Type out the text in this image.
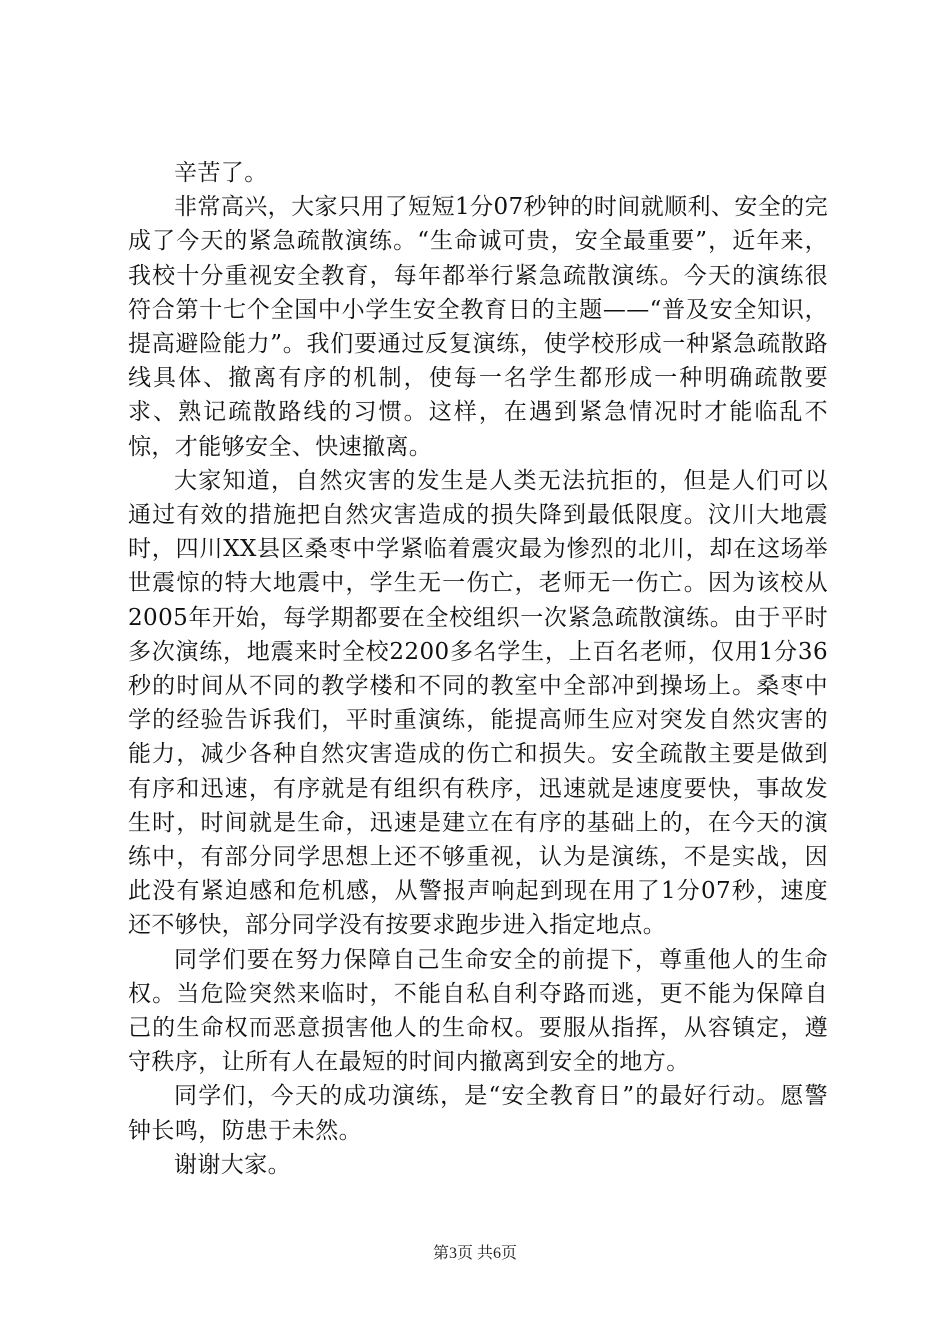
辛苦了。

非常高兴，大家只用了短短1分07秒钟的时间就顺利、安全的完成了今天的紧急疏散演练。“生命诚可贵，安全最重要”，近年来，我校十分重视安全教育，每年都举行紧急疏散演练。今天的演练很符合第十七个全国中小学生安全教育日的主题——“普及安全知识，提高避险能力”。我们要通过反复演练，使学校形成一种紧急疏散路线具体、撤离有序的机制，使每一名学生都形成一种明确疏散要求、熟记疏散路线的习惯。这样，在遇到紧急情况时才能临乱不惊，才能够安全、快速撤离。

大家知道，自然灾害的发生是人类无法抗拒的，但是人们可以通过有效的措施把自然灾害造成的损失降到最低限度。汶川大地震时，四川XX县区桑枣中学紧临着震灾最为惨烈的北川，却在这场举世震惊的特大地震中，学生无一伤亡，老师无一伤亡。因为该校从2005年开始，每学期都要在全校组织一次紧急疏散演练。由于平时多次演练，地震来时全校2200多名学生，上百名老师，仅用1分36秒的时间从不同的教学楼和不同的教室中全部冲到操场上。桑枣中学的经验告诉我们，平时重演练，能提高师生应对突发自然灾害的能力，减少各种自然灾害造成的伤亡和损失。安全疏散主要是做到有序和迅速，有序就是有组织有秩序，迅速就是速度要快，事故发生时，时间就是生命，迅速是建立在有序的基础上的，在今天的演练中，有部分同学思想上还不够重视，认为是演练，不是实战，因此没有紧迫感和危机感，从警报声响起到现在用了1分07秒，速度还不够快，部分同学没有按要求跑步进入指定地点。

同学们要在努力保障自己生命安全的前提下，尊重他人的生命权。当危险突然来临时，不能自私自利夺路而逃，更不能为保障自己的生命权而恶意损害他人的生命权。要服从指挥，从容镇定，遵守秩序，让所有人在最短的时间内撤离到安全的地方。

同学们，今天的成功演练，是“安全教育日”的最好行动。愿警钟长鸣，防患于未然。

谢谢大家。

第3页 共6页
